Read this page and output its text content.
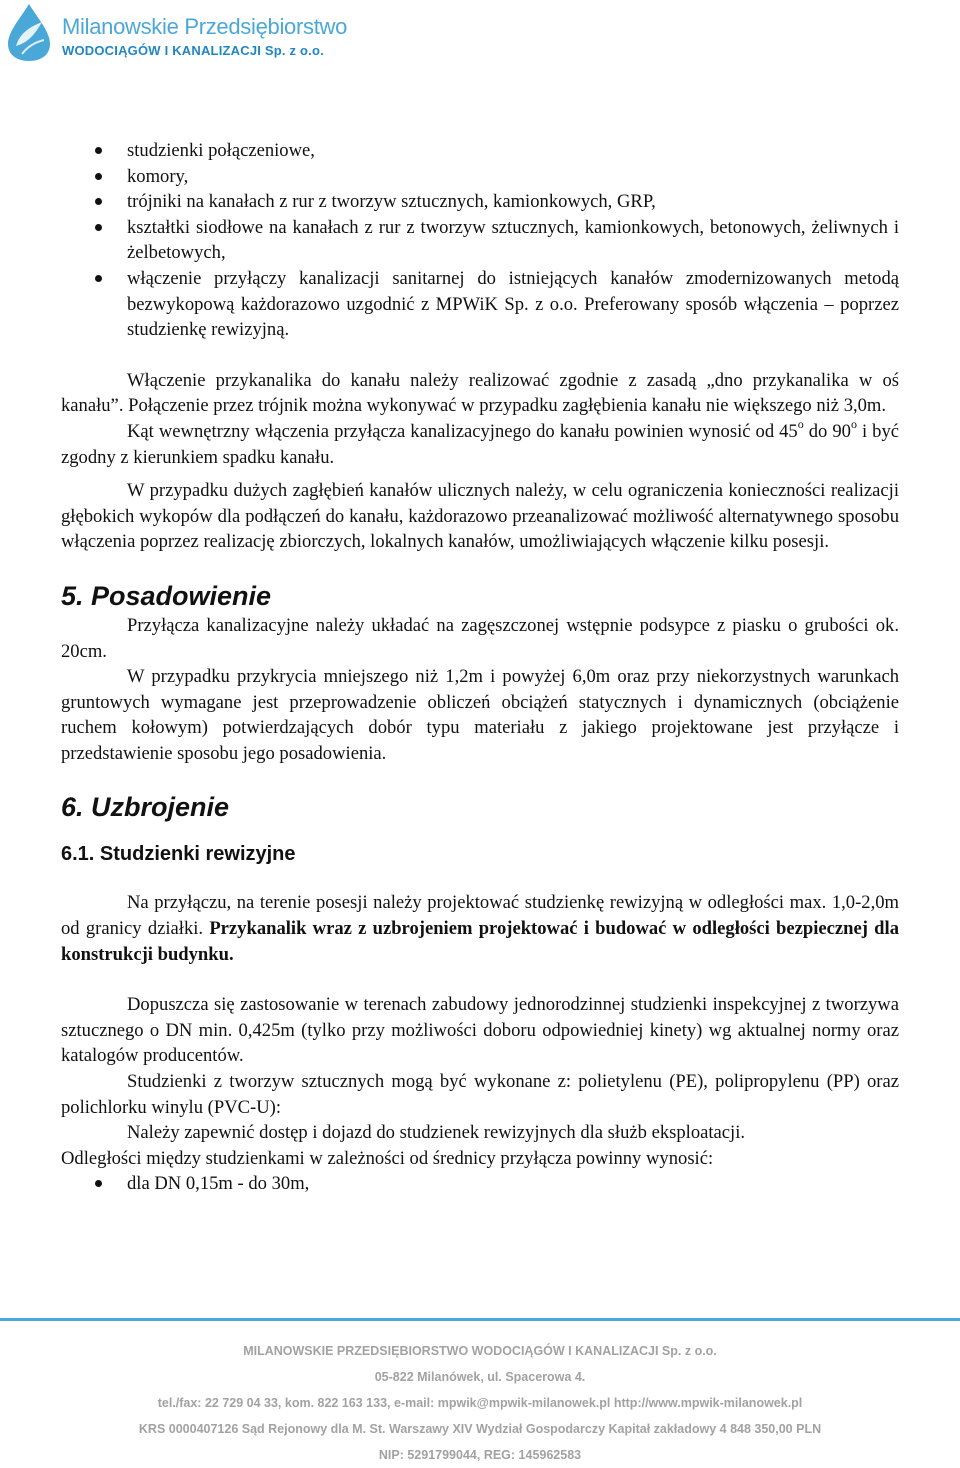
Milanowskie Przedsiębiorstwo
WODOCIĄGÓW I KANALIZACJI Sp. z o.o.
studzienki połączeniowe,
komory,
trójniki na kanałach z rur z tworzyw sztucznych, kamionkowych, GRP,
kształtki siodłowe na kanałach z rur z tworzyw sztucznych, kamionkowych, betonowych, żeliwnych i żelbetowych,
włączenie przyłączy kanalizacji sanitarnej do istniejących kanałów zmodernizowanych metodą bezwykopową każdorazowo uzgodnić z MPWiK Sp. z o.o. Preferowany sposób włączenia – poprzez studzienkę rewizyjną.

Włączenie przykanalika do kanału należy realizować zgodnie z zasadą „dno przykanalika w oś kanału”. Połączenie przez trójnik można wykonywać w przypadku zagłębienia kanału nie większego niż 3,0m.

Kąt wewnętrzny włączenia przyłącza kanalizacyjnego do kanału powinien wynosić od 45$^o$ do 90$^o$ i być zgodny z kierunkiem spadku kanału.

W przypadku dużych zagłębień kanałów ulicznych należy, w celu ograniczenia konieczności realizacji głębokich wykopów dla podłączeń do kanału, każdorazowo przeanalizować możliwość alternatywnego sposobu włączenia poprzez realizację zbiorczych, lokalnych kanałów, umożliwiających włączenie kilku posesji.

5. Posadowienie

Przyłącza kanalizacyjne należy układać na zagęszczonej wstępnie podsypce z piasku o grubości ok. 20cm.

W przypadku przykrycia mniejszego niż 1,2m i powyżej 6,0m oraz przy niekorzystnych warunkach gruntowych wymagane jest przeprowadzenie obliczeń obciążeń statycznych i dynamicznych (obciążenie ruchem kołowym) potwierdzających dobór typu materiału z jakiego projektowane jest przyłącze i przedstawienie sposobu jego posadowienia.

6. Uzbrojenie
6.1. Studzienki rewizyjne

Na przyłączu, na terenie posesji należy projektować studzienkę rewizyjną w odległości max. 1,0-2,0m od granicy działki. Przykanalik wraz z uzbrojeniem projektować i budować w odległości bezpiecznej dla konstrukcji budynku.

Dopuszcza się zastosowanie w terenach zabudowy jednorodzinnej studzienki inspekcyjnej z tworzywa sztucznego o DN min. 0,425m (tylko przy możliwości doboru odpowiedniej kinety) wg aktualnej normy oraz katalogów producentów.

Studzienki z tworzyw sztucznych mogą być wykonane z: polietylenu (PE), polipropylenu (PP) oraz polichlorku winylu (PVC-U):

Należy zapewnić dostęp i dojazd do studzienek rewizyjnych dla służb eksploatacji.

Odległości między studzienkami w zależności od średnicy przyłącza powinny wynosić:

dla DN 0,15m - do 30m,
MILANOWSKIE PRZEDSIĘBIORSTWO WODOCIĄGÓW I KANALIZACJI Sp. z o.o.
05-822 Milanówek, ul. Spacerowa 4.
tel./fax: 22 729 04 33, kom. 822 163 133, e-mail: mpwik@mpwik-milanowek.pl http://www.mpwik-milanowek.pl
KRS 0000407126 Sąd Rejonowy dla M. St. Warszawy XIV Wydział Gospodarczy Kapitał zakładowy 4 848 350,00 PLN
NIP: 5291799044, REG: 145962583
